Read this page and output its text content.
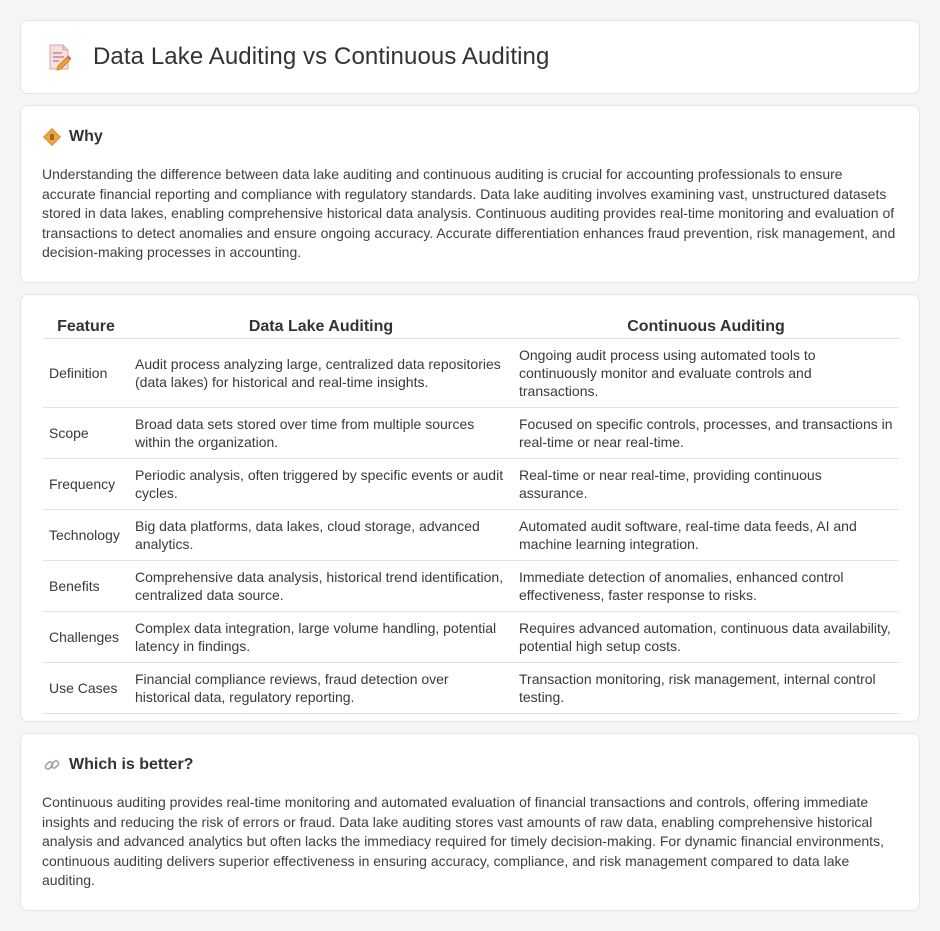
Data Lake Auditing vs Continuous Auditing
Why

Understanding the difference between data lake auditing and continuous auditing is crucial for accounting professionals to ensure accurate financial reporting and compliance with regulatory standards. Data lake auditing involves examining vast, unstructured datasets stored in data lakes, enabling comprehensive historical data analysis. Continuous auditing provides real-time monitoring and evaluation of transactions to detect anomalies and ensure ongoing accuracy. Accurate differentiation enhances fraud prevention, risk management, and decision-making processes in accounting.

Feature	Data Lake Auditing	Continuous Auditing
Definition	Audit process analyzing large, centralized data repositories (data lakes) for historical and real-time insights.	Ongoing audit process using automated tools to continuously monitor and evaluate controls and transactions.
Scope	Broad data sets stored over time from multiple sources within the organization.	Focused on specific controls, processes, and transactions in real-time or near real-time.
Frequency	Periodic analysis, often triggered by specific events or audit cycles.	Real-time or near real-time, providing continuous assurance.
Technology	Big data platforms, data lakes, cloud storage, advanced analytics.	Automated audit software, real-time data feeds, AI and machine learning integration.
Benefits	Comprehensive data analysis, historical trend identification, centralized data source.	Immediate detection of anomalies, enhanced control effectiveness, faster response to risks.
Challenges	Complex data integration, large volume handling, potential latency in findings.	Requires advanced automation, continuous data availability, potential high setup costs.
Use Cases	Financial compliance reviews, fraud detection over historical data, regulatory reporting.	Transaction monitoring, risk management, internal control testing.
Which is better?

Continuous auditing provides real-time monitoring and automated evaluation of financial transactions and controls, offering immediate insights and reducing the risk of errors or fraud. Data lake auditing stores vast amounts of raw data, enabling comprehensive historical analysis and advanced analytics but often lacks the immediacy required for timely decision-making. For dynamic financial environments, continuous auditing delivers superior effectiveness in ensuring accuracy, compliance, and risk management compared to data lake auditing.
